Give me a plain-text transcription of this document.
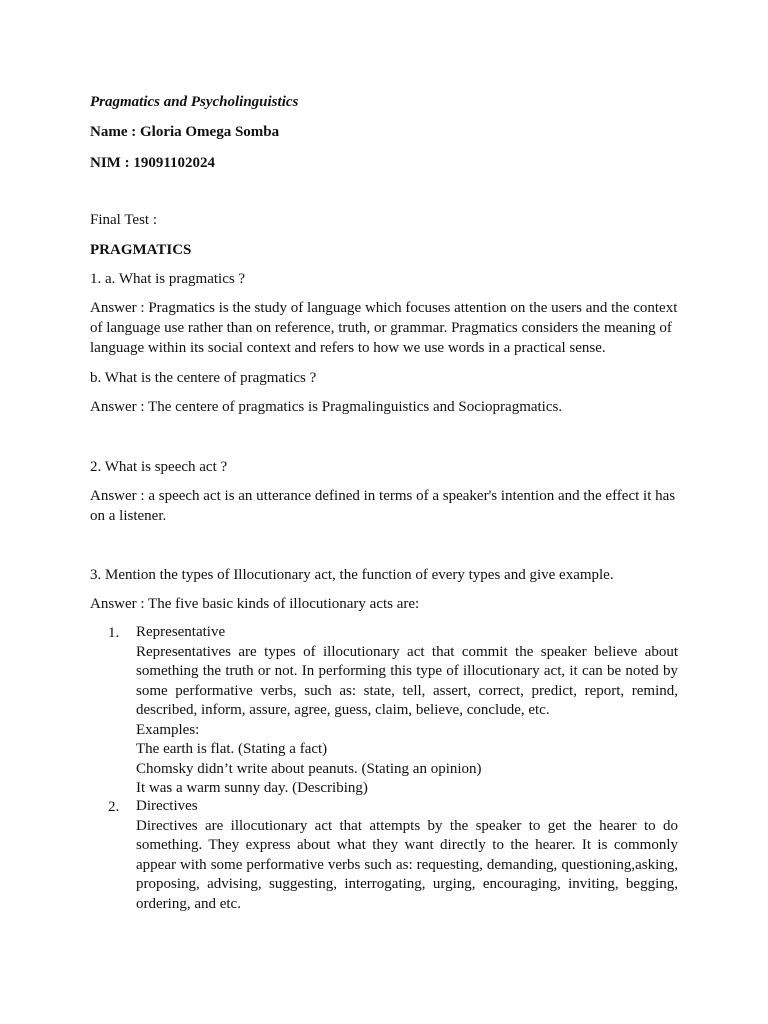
Pragmatics and Psycholinguistics
Name : Gloria Omega Somba
NIM : 19091102024
Final Test :
PRAGMATICS
1. a. What is pragmatics ?
Answer : Pragmatics is the study of language which focuses attention on the users and the context of language use rather than on reference, truth, or grammar. Pragmatics considers the meaning of language within its social context and refers to how we use words in a practical sense.
b. What is the centere of pragmatics ?
Answer : The centere of pragmatics is Pragmalinguistics and Sociopragmatics.
2. What is speech act ?
Answer : a speech act is an utterance defined in terms of a speaker's intention and the effect it has on a listener.
3. Mention the types of Illocutionary act, the function of every types and give example.
Answer : The five basic kinds of illocutionary acts are:
1. Representative
Representatives are types of illocutionary act that commit the speaker believe about something the truth or not. In performing this type of illocutionary act, it can be noted by some performative verbs, such as: state, tell, assert, correct, predict, report, remind, described, inform, assure, agree, guess, claim, believe, conclude, etc.
Examples:
The earth is flat. (Stating a fact)
Chomsky didn’t write about peanuts. (Stating an opinion)
It was a warm sunny day. (Describing)
2. Directives
Directives are illocutionary act that attempts by the speaker to get the hearer to do something. They express about what they want directly to the hearer. It is commonly appear with some performative verbs such as: requesting, demanding, questioning,asking, proposing, advising, suggesting, interrogating, urging, encouraging, inviting, begging, ordering, and etc.
